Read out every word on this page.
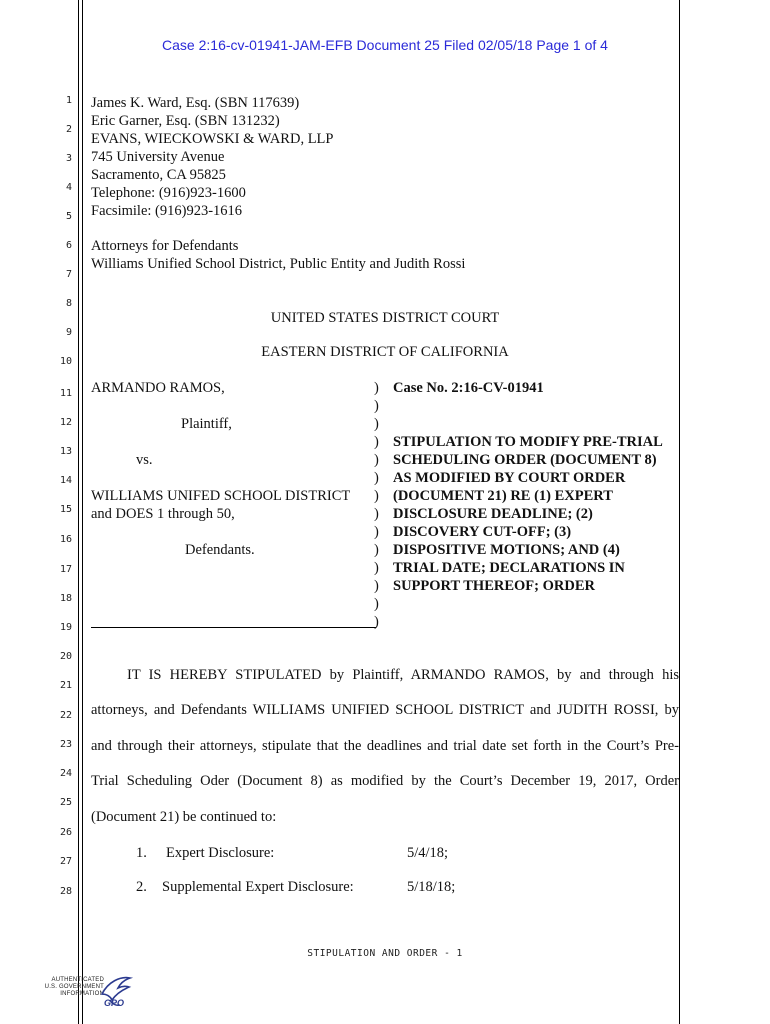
Case 2:16-cv-01941-JAM-EFB Document 25 Filed 02/05/18 Page 1 of 4
1
2
3
4
5
6
7
8
9
10
11
12
13
14
15
16
17
18
19
20
21
22
23
24
25
26
27
28
James K. Ward, Esq. (SBN 117639)
Eric Garner, Esq. (SBN 131232)
EVANS, WIECKOWSKI & WARD, LLP
745 University Avenue
Sacramento, CA 95825
Telephone: (916)923-1600
Facsimile: (916)923-1616
Attorneys for Defendants
Williams Unified School District, Public Entity and Judith Rossi
UNITED STATES DISTRICT COURT
EASTERN DISTRICT OF CALIFORNIA
ARMANDO RAMOS,
Plaintiff,
vs.
WILLIAMS UNIFED SCHOOL DISTRICT
and DOES 1 through 50,
Defendants.
)
)
)
)
)
)
)
)
)
)
)
)
)
)
Case No. 2:16-CV-01941
STIPULATION TO MODIFY PRE-TRIAL
SCHEDULING ORDER (DOCUMENT 8)
AS MODIFIED BY COURT ORDER
(DOCUMENT 21) RE (1) EXPERT
DISCLOSURE DEADLINE; (2)
DISCOVERY CUT-OFF; (3)
DISPOSITIVE MOTIONS; AND (4)
TRIAL DATE; DECLARATIONS IN
SUPPORT THEREOF; ORDER
IT IS HEREBY STIPULATED by Plaintiff, ARMANDO RAMOS, by and through his
attorneys, and Defendants WILLIAMS UNIFIED SCHOOL DISTRICT and JUDITH ROSSI, by
and through their attorneys, stipulate that the deadlines and trial date set forth in the Court’s Pre-
Trial Scheduling Oder (Document 8) as modified by the Court’s December 19, 2017, Order
(Document 21) be continued to:
1. Expert Disclosure:	5/4/18;
2. Supplemental Expert Disclosure:	5/18/18;
STIPULATION AND ORDER - 1
AUTHENTICATED
U.S. GOVERNMENT
INFORMATION
GPO
